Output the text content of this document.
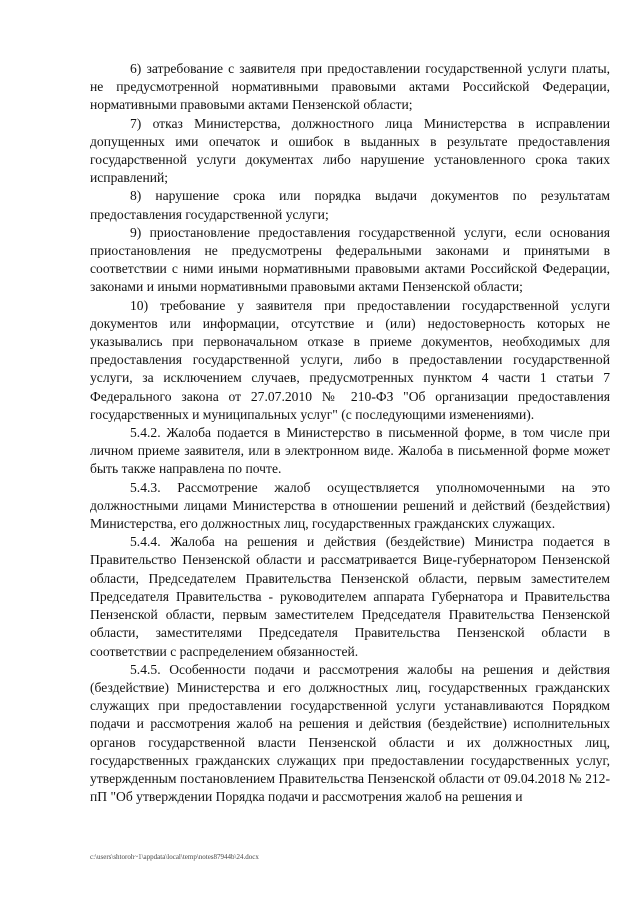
6) затребование с заявителя при предоставлении государственной услуги платы, не предусмотренной нормативными правовыми актами Российской Федерации, нормативными правовыми актами Пензенской области;

7) отказ Министерства, должностного лица Министерства в исправлении допущенных ими опечаток и ошибок в выданных в результате предоставления государственной услуги документах либо нарушение установленного срока таких исправлений;

8) нарушение срока или порядка выдачи документов по результатам предоставления государственной услуги;

9) приостановление предоставления государственной услуги, если основания приостановления не предусмотрены федеральными законами и принятыми в соответствии с ними иными нормативными правовыми актами Российской Федерации, законами и иными нормативными правовыми актами Пензенской области;

10) требование у заявителя при предоставлении государственной услуги документов или информации, отсутствие и (или) недостоверность которых не указывались при первоначальном отказе в приеме документов, необходимых для предоставления государственной услуги, либо в предоставлении государственной услуги, за исключением случаев, предусмотренных пунктом 4 части 1 статьи 7 Федерального закона от 27.07.2010 № 210-ФЗ "Об организации предоставления государственных и муниципальных услуг" (с последующими изменениями).

5.4.2. Жалоба подается в Министерство в письменной форме, в том числе при личном приеме заявителя, или в электронном виде. Жалоба в письменной форме может быть также направлена по почте.

5.4.3. Рассмотрение жалоб осуществляется уполномоченными на это должностными лицами Министерства в отношении решений и действий (бездействия) Министерства, его должностных лиц, государственных гражданских служащих.

5.4.4. Жалоба на решения и действия (бездействие) Министра подается в Правительство Пензенской области и рассматривается Вице-губернатором Пензенской области, Председателем Правительства Пензенской области, первым заместителем Председателя Правительства - руководителем аппарата Губернатора и Правительства Пензенской области, первым заместителем Председателя Правительства Пензенской области, заместителями Председателя Правительства Пензенской области в соответствии с распределением обязанностей.

5.4.5. Особенности подачи и рассмотрения жалобы на решения и действия (бездействие) Министерства и его должностных лиц, государственных гражданских служащих при предоставлении государственной услуги устанавливаются Порядком подачи и рассмотрения жалоб на решения и действия (бездействие) исполнительных органов государственной власти Пензенской области и их должностных лиц, государственных гражданских служащих при предоставлении государственных услуг, утвержденным постановлением Правительства Пензенской области от 09.04.2018 № 212-пП "Об утверждении Порядка подачи и рассмотрения жалоб на решения и

c:\users\shtoroh~1\appdata\local\temp\notes87944b\24.docx
